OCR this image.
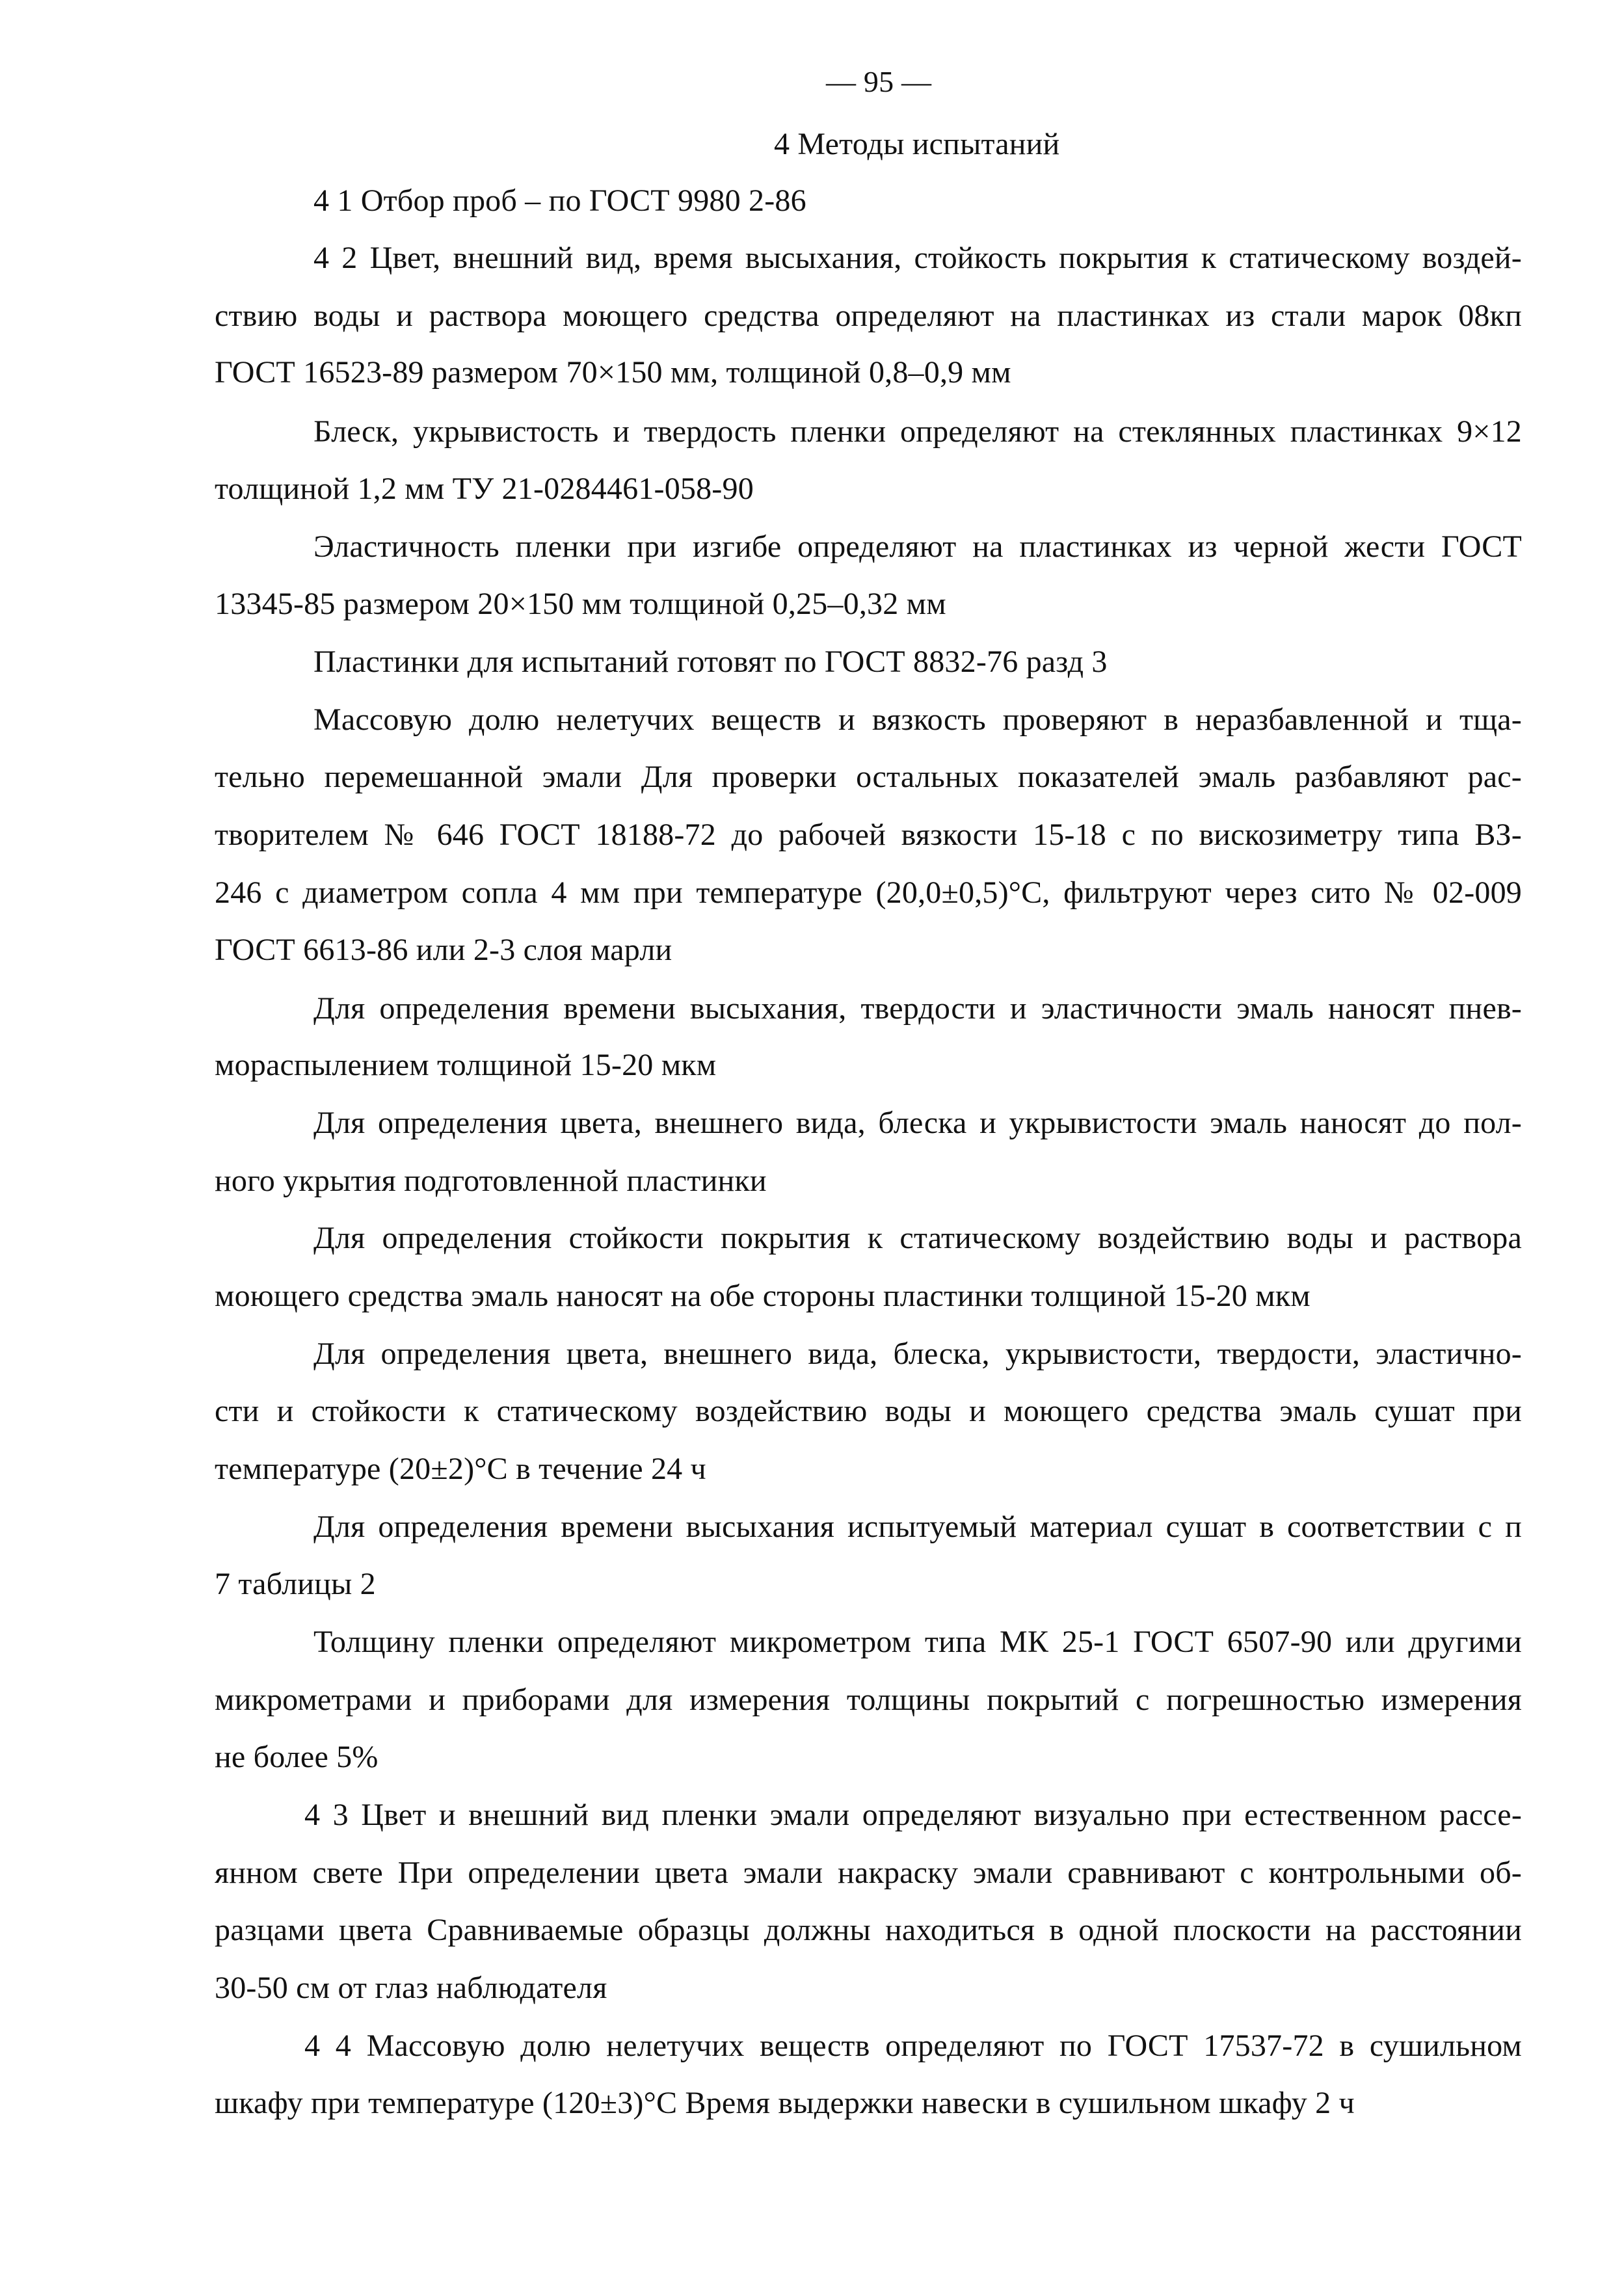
— 95 —
4 Методы испытаний
4 1 Отбор проб – по ГОСТ 9980 2-86
4 2 Цвет, внешний вид, время высыхания, стойкость покрытия к статическому воздей-
ствию воды и раствора моющего средства определяют на пластинках из стали марок 08кп
ГОСТ 16523-89 размером 70×150 мм, толщиной 0,8–0,9 мм
Блеск, укрывистость и твердость пленки определяют на стеклянных пластинках 9×12
толщиной 1,2 мм ТУ 21-0284461-058-90
Эластичность пленки при изгибе определяют на пластинках из черной жести ГОСТ
13345-85 размером 20×150 мм толщиной 0,25–0,32 мм
Пластинки для испытаний готовят по ГОСТ 8832-76 разд 3
Массовую долю нелетучих веществ и вязкость проверяют в неразбавленной и тща-
тельно перемешанной эмали Для проверки остальных показателей эмаль разбавляют рас-
творителем № 646 ГОСТ 18188-72 до рабочей вязкости 15-18 с по вискозиметру типа ВЗ-
246 с диаметром сопла 4 мм при температуре (20,0±0,5)°С, фильтруют через сито № 02-009
ГОСТ 6613-86 или 2-3 слоя марли
Для определения времени высыхания, твердости и эластичности эмаль наносят пнев-
мораспылением толщиной 15-20 мкм
Для определения цвета, внешнего вида, блеска и укрывистости эмаль наносят до пол-
ного укрытия подготовленной пластинки
Для определения стойкости покрытия к статическому воздействию воды и раствора
моющего средства эмаль наносят на обе стороны пластинки толщиной 15-20 мкм
Для определения цвета, внешнего вида, блеска, укрывистости, твердости, эластично-
сти и стойкости к статическому воздействию воды и моющего средства эмаль сушат при
температуре (20±2)°С в течение 24 ч
Для определения времени высыхания испытуемый материал сушат в соответствии с п
7 таблицы 2
Толщину пленки определяют микрометром типа МК 25-1 ГОСТ 6507-90 или другими
микрометрами и приборами для измерения толщины покрытий с погрешностью измерения
не более 5%
4 3 Цвет и внешний вид пленки эмали определяют визуально при естественном рассе-
янном свете При определении цвета эмали накраску эмали сравнивают с контрольными об-
разцами цвета Сравниваемые образцы должны находиться в одной плоскости на расстоянии
30-50 см от глаз наблюдателя
4 4 Массовую долю нелетучих веществ определяют по ГОСТ 17537-72 в сушильном
шкафу при температуре (120±3)°С Время выдержки навески в сушильном шкафу 2 ч
